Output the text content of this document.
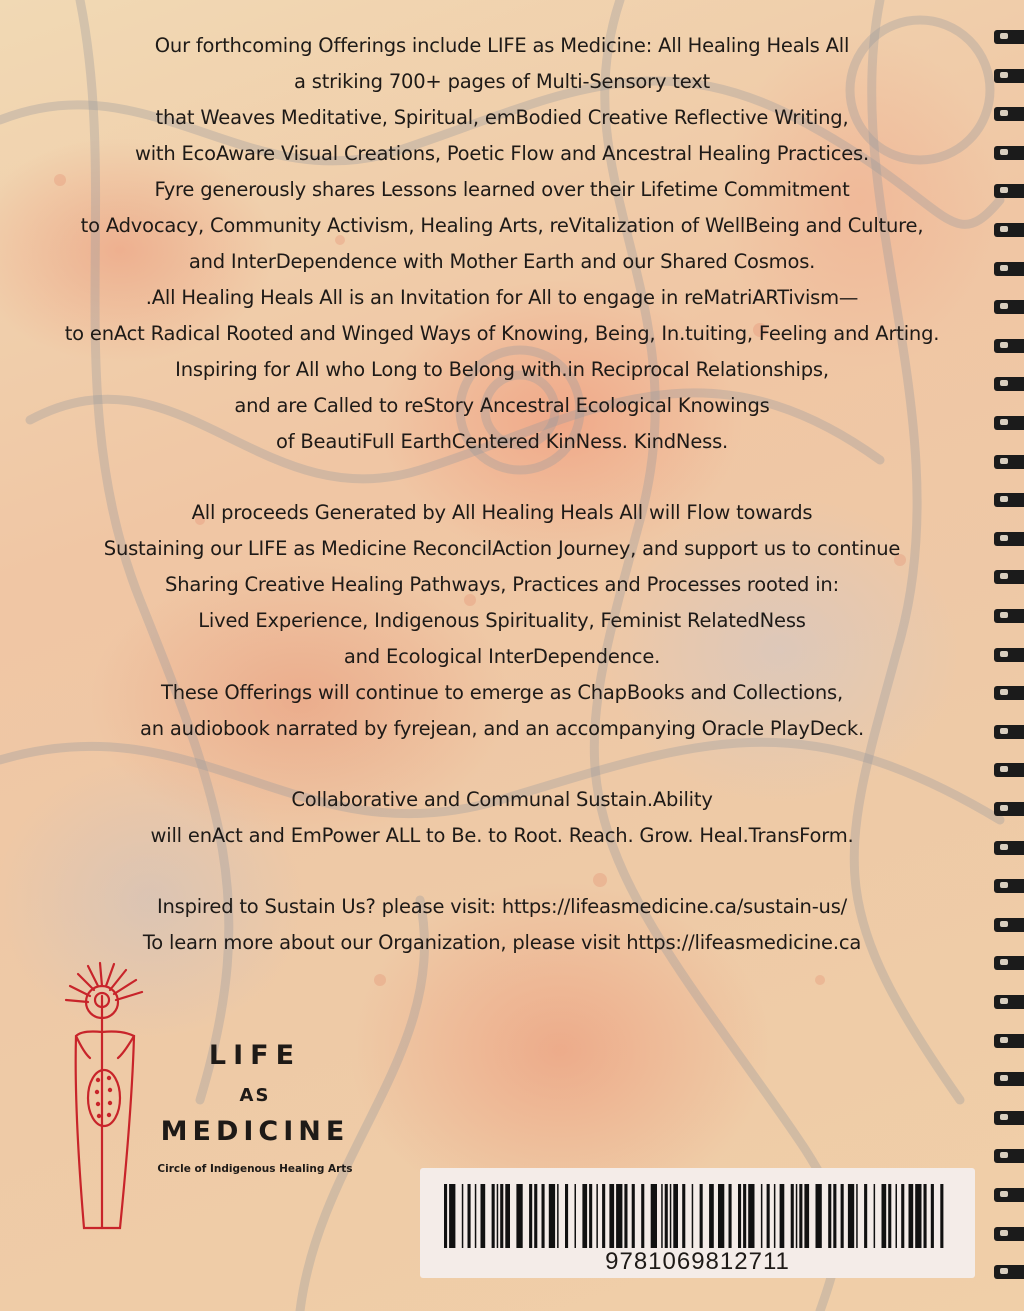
Our forthcoming Offerings include LIFE as Medicine: All Healing Heals All
a striking 700+ pages of Multi-Sensory text
that Weaves Meditative, Spiritual, emBodied Creative Reflective Writing,
with EcoAware Visual Creations, Poetic Flow and Ancestral Healing Practices.
Fyre generously shares Lessons learned over their Lifetime Commitment
to Advocacy, Community Activism, Healing Arts, reVitalization of WellBeing and Culture,
and InterDependence with Mother Earth and our Shared Cosmos.
.All Healing Heals All is an Invitation for All to engage in reMatriARTivism—
to enAct Radical Rooted and Winged Ways of Knowing, Being, In.tuiting, Feeling and Arting.
Inspiring for All who Long to Belong with.in Reciprocal Relationships,
and are Called to reStory Ancestral Ecological Knowings
of BeautiFull EarthCentered KinNess. KindNess.
All proceeds Generated by All Healing Heals All will Flow towards
Sustaining our LIFE as Medicine ReconcilAction Journey, and support us to continue
Sharing Creative Healing Pathways, Practices and Processes rooted in:
Lived Experience, Indigenous Spirituality, Feminist RelatedNess
and Ecological InterDependence.
These Offerings will continue to emerge as ChapBooks and Collections,
an audiobook narrated by fyrejean, and an accompanying Oracle PlayDeck.
Collaborative and Communal Sustain.Ability
will enAct and EmPower ALL to Be. to Root. Reach. Grow. Heal.TransForm.
Inspired to Sustain Us? please visit: https://lifeasmedicine.ca/sustain-us/
To learn more about our Organization, please visit https://lifeasmedicine.ca
LIFE
AS
MEDICINE
Circle of Indigenous Healing Arts
9781069812711
